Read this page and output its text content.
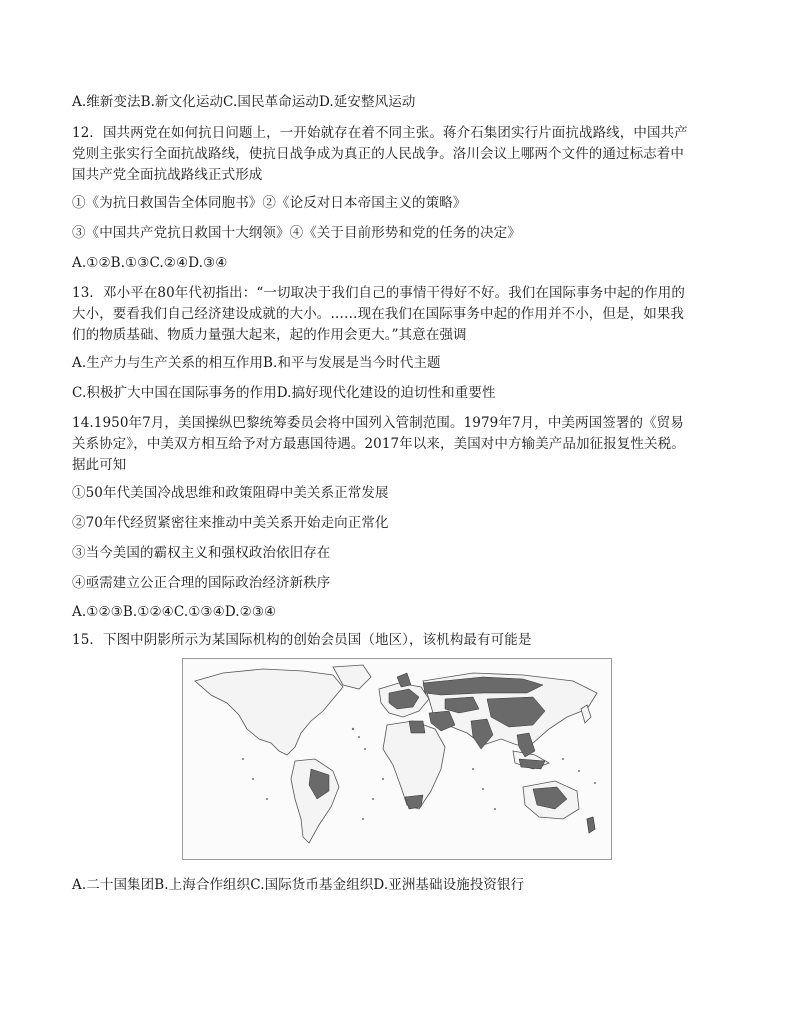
A.维新变法B.新文化运动C.国民革命运动D.延安整风运动
12．国共两党在如何抗日问题上，一开始就存在着不同主张。蒋介石集团实行片面抗战路线，中国共产
党则主张实行全面抗战路线，使抗日战争成为真正的人民战争。洛川会议上哪两个文件的通过标志着中
国共产党全面抗战路线正式形成
①《为抗日救国告全体同胞书》②《论反对日本帝国主义的策略》
③《中国共产党抗日救国十大纲领》④《关于目前形势和党的任务的决定》
A.①②B.①③C.②④D.③④
13．邓小平在80年代初指出：“一切取决于我们自己的事情干得好不好。我们在国际事务中起的作用的
大小，要看我们自己经济建设成就的大小。……现在我们在国际事务中起的作用并不小，但是，如果我
们的物质基础、物质力量强大起来，起的作用会更大。”其意在强调
A.生产力与生产关系的相互作用B.和平与发展是当今时代主题
C.积极扩大中国在国际事务的作用D.搞好现代化建设的迫切性和重要性
14.1950年7月，美国操纵巴黎统筹委员会将中国列入管制范围。1979年7月，中美两国签署的《贸易
关系协定》，中美双方相互给予对方最惠国待遇。2017年以来，美国对中方输美产品加征报复性关税。
据此可知
①50年代美国冷战思维和政策阻碍中美关系正常发展
②70年代经贸紧密往来推动中美关系开始走向正常化
③当今美国的霸权主义和强权政治依旧存在
④亟需建立公正合理的国际政治经济新秩序
A.①②③B.①②④C.①③④D.②③④
15．下图中阴影所示为某国际机构的创始会员国（地区），该机构最有可能是
A.二十国集团B.上海合作组织C.国际货币基金组织D.亚洲基础设施投资银行
